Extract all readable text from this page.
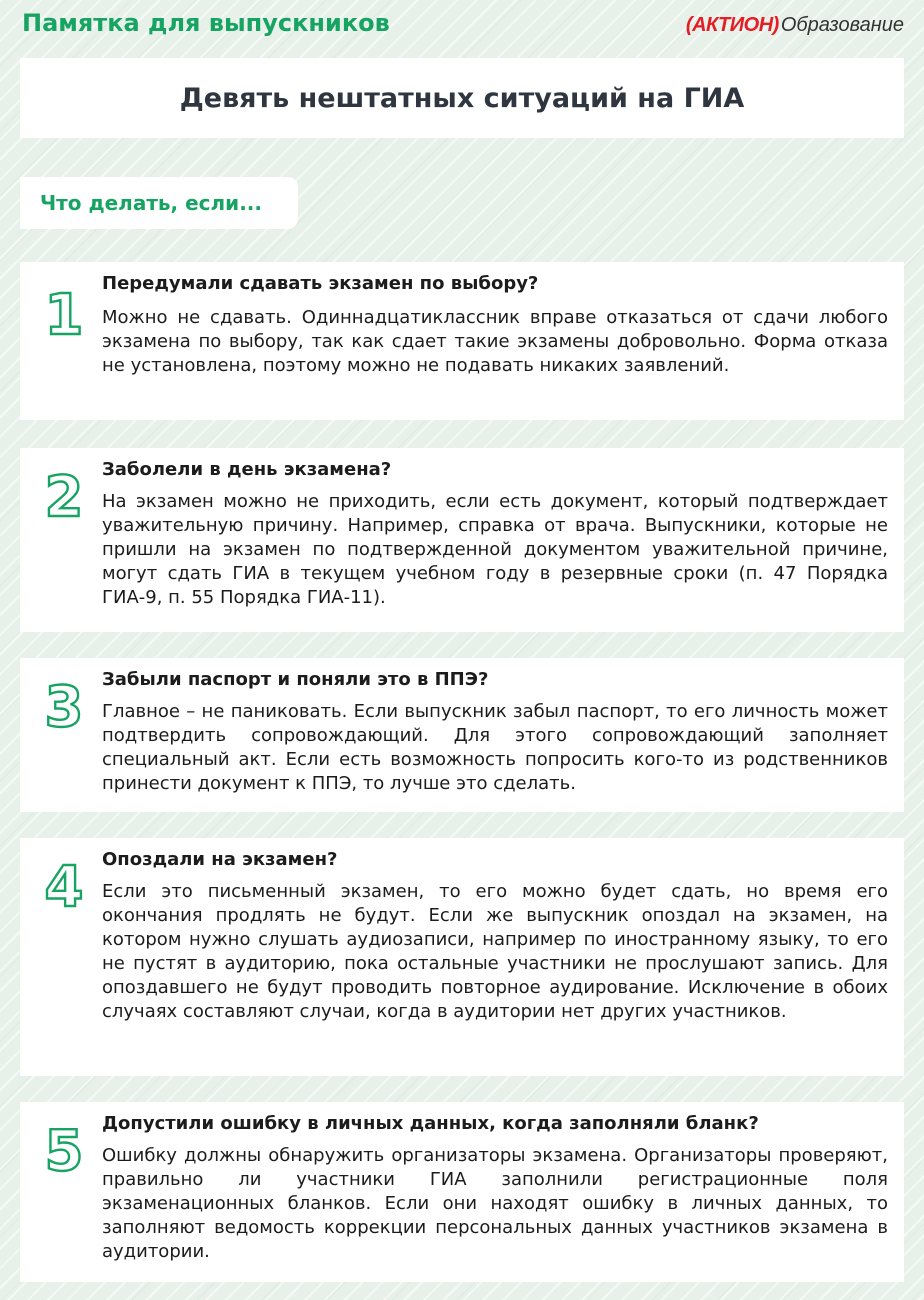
Памятка для выпускников	(АКТИОН) Образование
Девять нештатных ситуаций на ГИА
Что делать, если...
1 Передумали сдавать экзамен по выбору?

Можно не сдавать. Одиннадцатиклассник вправе отказаться от сдачи любого экзамена по выбору, так как сдает такие экзамены добровольно. Форма отказа не установлена, поэтому можно не подавать никаких заявлений.

2 Заболели в день экзамена?

На экзамен можно не приходить, если есть документ, который подтверждает уважительную причину. Например, справка от врача. Выпускники, которые не пришли на экзамен по подтвержденной документом уважительной причине, могут сдать ГИА в текущем учебном году в резервные сроки (п. 47 Порядка ГИА-9, п. 55 Порядка ГИА-11).

3 Забыли паспорт и поняли это в ППЭ?

Главное – не паниковать. Если выпускник забыл паспорт, то его личность может подтвердить сопровождающий. Для этого сопровождающий заполняет специальный акт. Если есть возможность попросить кого-то из родственников принести документ к ППЭ, то лучше это сделать.

4 Опоздали на экзамен?

Если это письменный экзамен, то его можно будет сдать, но время его окончания продлять не будут. Если же выпускник опоздал на экзамен, на котором нужно слушать аудиозаписи, например по иностранному языку, то его не пустят в аудиторию, пока остальные участники не прослушают запись. Для опоздавшего не будут проводить повторное аудирование. Исключение в обоих случаях составляют случаи, когда в аудитории нет других участников.

5 Допустили ошибку в личных данных, когда заполняли бланк?

Ошибку должны обнаружить организаторы экзамена. Организаторы проверяют, правильно ли участники ГИА заполнили регистрационные поля экзаменационных бланков. Если они находят ошибку в личных данных, то заполняют ведомость коррекции персональных данных участников экзамена в аудитории.
